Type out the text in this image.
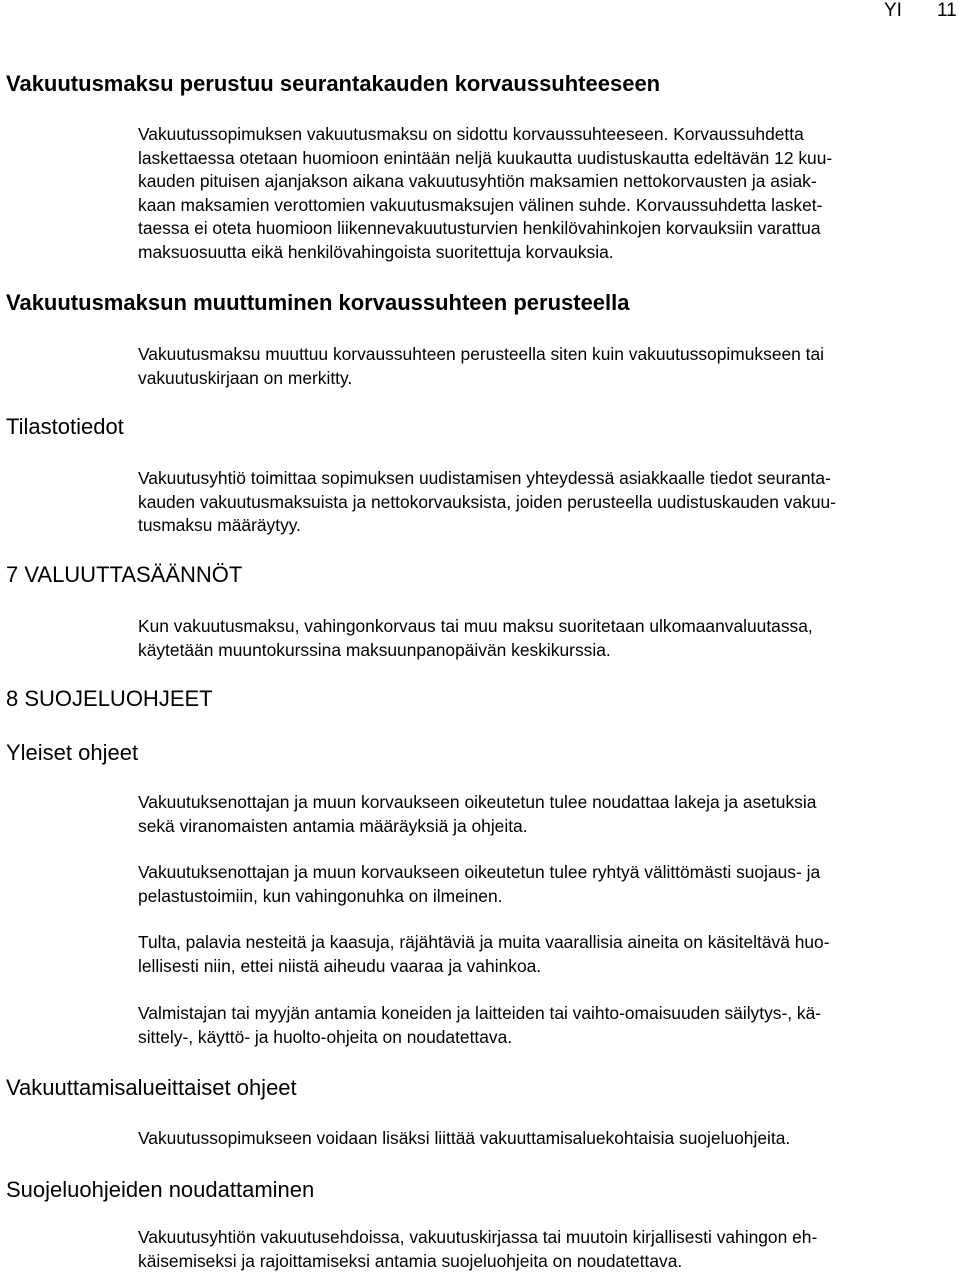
YI 11
Vakuutusmaksu perustuu seurantakauden korvaussuhteeseen
Vakuutussopimuksen vakuutusmaksu on sidottu korvaussuhteeseen. Korvaussuhdetta
laskettaessa otetaan huomioon enintään neljä kuukautta uudistuskautta edeltävän 12 kuu-
kauden pituisen ajanjakson aikana vakuutusyhtiön maksamien nettokorvausten ja asiak-
kaan maksamien verottomien vakuutusmaksujen välinen suhde. Korvaussuhdetta lasket-
taessa ei oteta huomioon liikennevakuutusturvien henkilövahinkojen korvauksiin varattua
maksuosuutta eikä henkilövahingoista suoritettuja korvauksia.
Vakuutusmaksun muuttuminen korvaussuhteen perusteella
Vakuutusmaksu muuttuu korvaussuhteen perusteella siten kuin vakuutussopimukseen tai
vakuutuskirjaan on merkitty.
Tilastotiedot
Vakuutusyhtiö toimittaa sopimuksen uudistamisen yhteydessä asiakkaalle tiedot seuranta-
kauden vakuutusmaksuista ja nettokorvauksista, joiden perusteella uudistuskauden vakuu-
tusmaksu määräytyy.
7 VALUUTTASÄÄNNÖT
Kun vakuutusmaksu, vahingonkorvaus tai muu maksu suoritetaan ulkomaanvaluutassa,
käytetään muuntokurssina maksuunpanopäivän keskikurssia.
8 SUOJELUOHJEET
Yleiset ohjeet
Vakuutuksenottajan ja muun korvaukseen oikeutetun tulee noudattaa lakeja ja asetuksia
sekä viranomaisten antamia määräyksiä ja ohjeita.
Vakuutuksenottajan ja muun korvaukseen oikeutetun tulee ryhtyä välittömästi suojaus- ja
pelastustoimiin, kun vahingonuhka on ilmeinen.
Tulta, palavia nesteitä ja kaasuja, räjähtäviä ja muita vaarallisia aineita on käsiteltävä huo-
lellisesti niin, ettei niistä aiheudu vaaraa ja vahinkoa.
Valmistajan tai myyjän antamia koneiden ja laitteiden tai vaihto-omaisuuden säilytys-, kä-
sittely-, käyttö- ja huolto-ohjeita on noudatettava.
Vakuuttamisalueittaiset ohjeet
Vakuutussopimukseen voidaan lisäksi liittää vakuuttamisaluekohtaisia suojeluohjeita.
Suojeluohjeiden noudattaminen
Vakuutusyhtiön vakuutusehdoissa, vakuutuskirjassa tai muutoin kirjallisesti vahingon eh-
käisemiseksi ja rajoittamiseksi antamia suojeluohjeita on noudatettava.
